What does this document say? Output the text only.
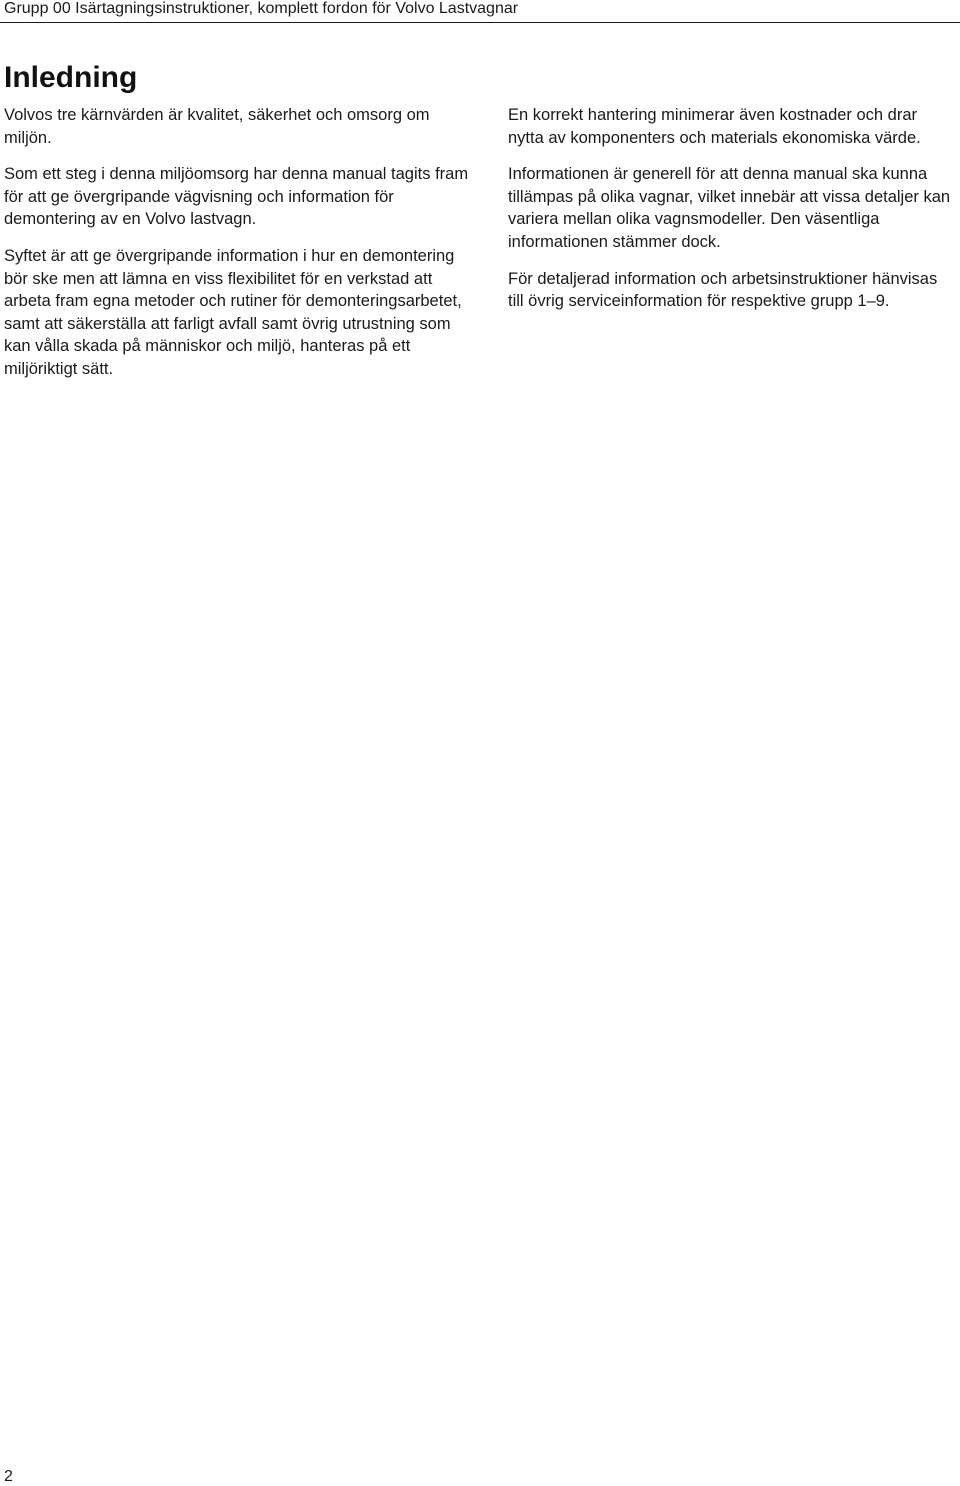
Grupp 00 Isärtagningsinstruktioner, komplett fordon för Volvo Lastvagnar
Inledning

Volvos tre kärnvärden är kvalitet, säkerhet och omsorg om miljön.

Som ett steg i denna miljöomsorg har denna manual tagits fram för att ge övergripande vägvisning och information för demontering av en Volvo lastvagn.

Syftet är att ge övergripande information i hur en demontering bör ske men att lämna en viss flexibilitet för en verkstad att arbeta fram egna metoder och rutiner för demonteringsarbetet, samt att säkerställa att farligt avfall samt övrig utrustning som kan vålla skada på människor och miljö, hanteras på ett miljöriktigt sätt.

En korrekt hantering minimerar även kostnader och drar nytta av komponenters och materials ekonomiska värde.

Informationen är generell för att denna manual ska kunna tillämpas på olika vagnar, vilket innebär att vissa detaljer kan variera mellan olika vagnsmodeller. Den väsentliga informationen stämmer dock.

För detaljerad information och arbetsinstruktioner hänvisas till övrig serviceinformation för respektive grupp 1–9.

2
